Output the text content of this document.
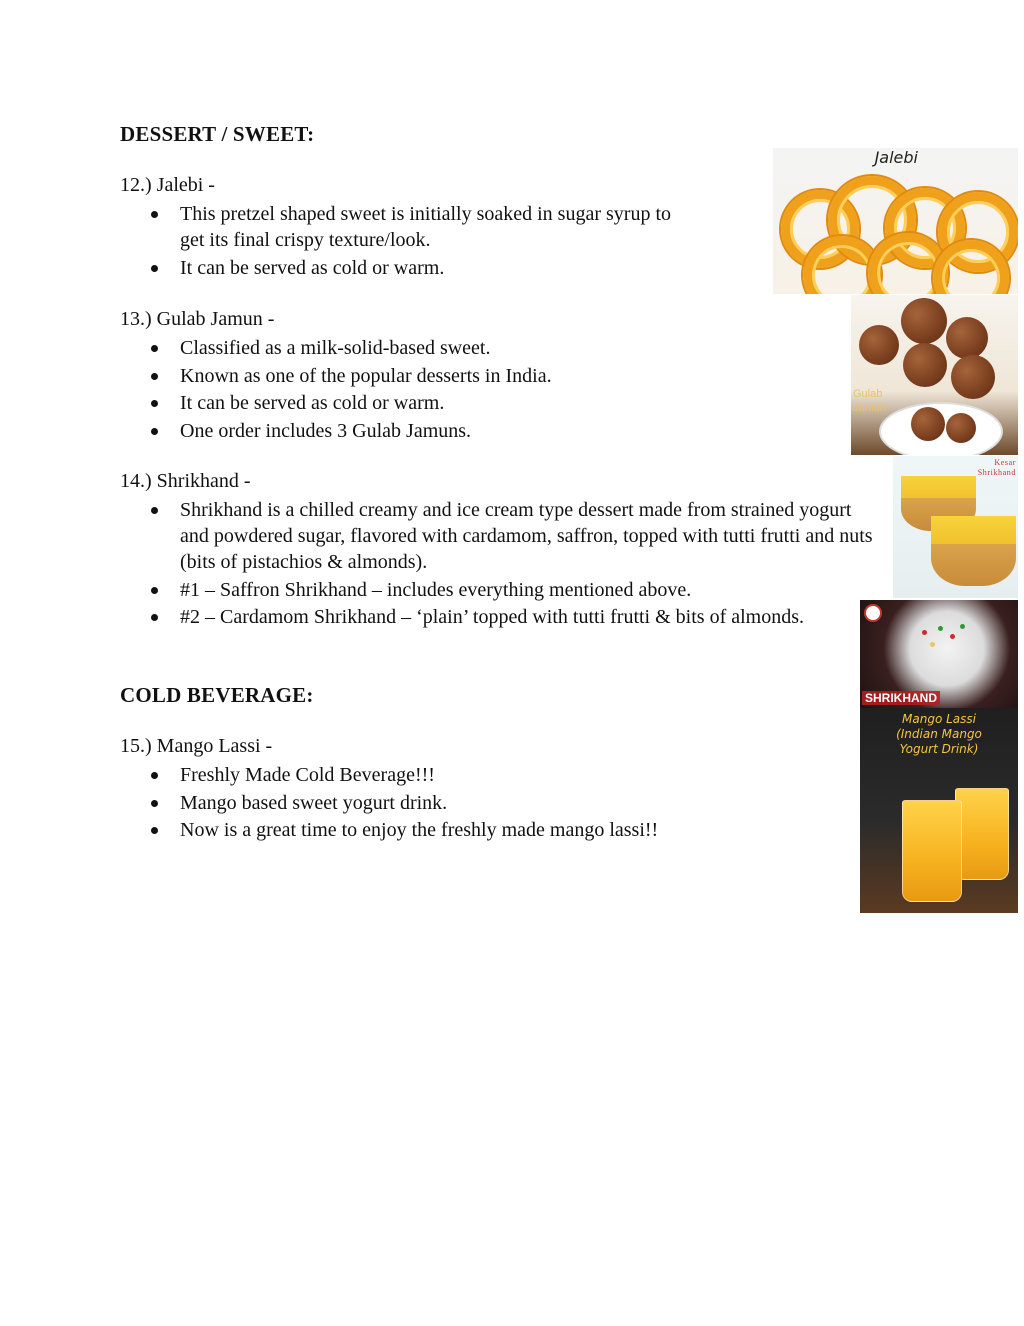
DESSERT / SWEET:

12.) Jalebi -

This pretzel shaped sweet is initially soaked in sugar syrup to
get its final crispy texture/look.
It can be served as cold or warm.

13.) Gulab Jamun -

Classified as a milk-solid-based sweet.
Known as one of the popular desserts in India.
It can be served as cold or warm.
One order includes 3 Gulab Jamuns.

14.) Shrikhand -

Shrikhand is a chilled creamy and ice cream type dessert made from strained yogurt and powdered sugar, flavored with cardamom, saffron, topped with tutti frutti and nuts (bits of pistachios & almonds).
#1 – Saffron Shrikhand – includes everything mentioned above.
#2 – Cardamom Shrikhand – ‘plain’ topped with tutti frutti & bits of almonds.
COLD BEVERAGE:

15.) Mango Lassi -

Freshly Made Cold Beverage!!!
Mango based sweet yogurt drink.
Now is a great time to enjoy the freshly made mango lassi!!
Jalebi
Gulab
Jamun
Kesar
Shrikhand
SHRIKHAND
Mango Lassi
(Indian Mango
Yogurt Drink)
